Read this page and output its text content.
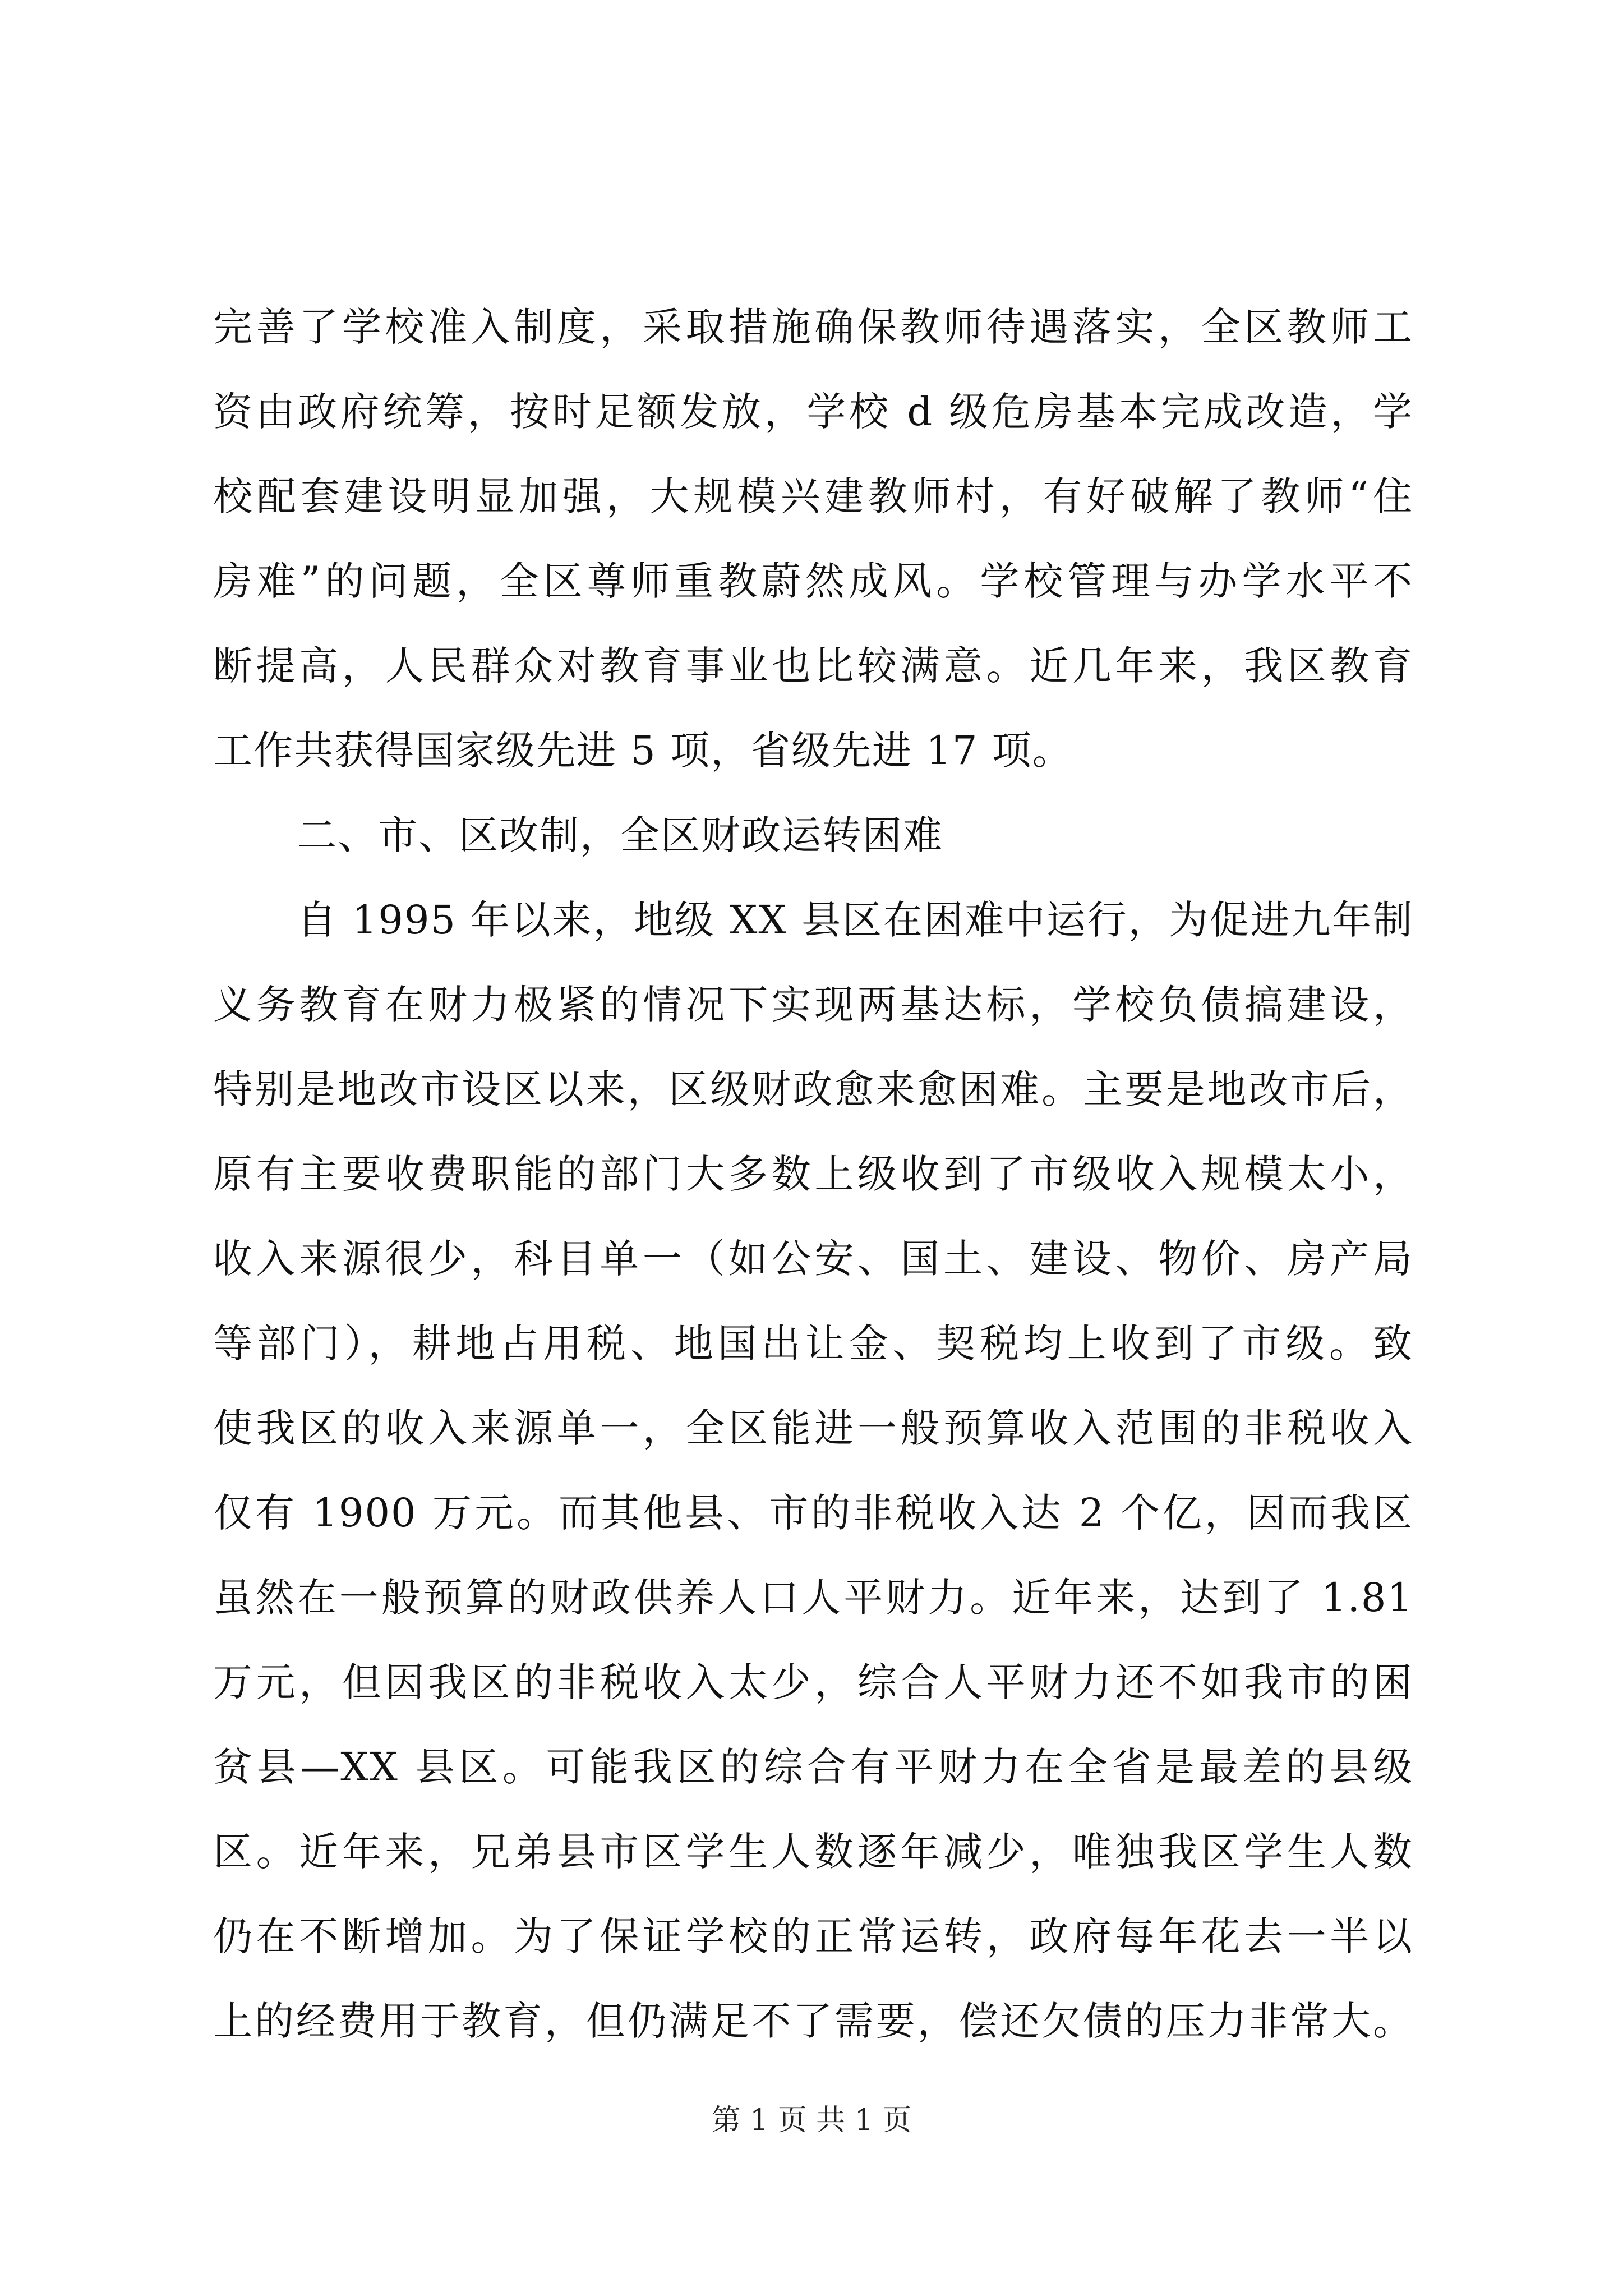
完善了学校准入制度，采取措施确保教师待遇落实，全区教师工
资由政府统筹，按时足额发放，学校 d 级危房基本完成改造，学
校配套建设明显加强，大规模兴建教师村，有好破解了教师“住
房难”的问题，全区尊师重教蔚然成风。学校管理与办学水平不
断提高，人民群众对教育事业也比较满意。近几年来，我区教育
工作共获得国家级先进 5 项，省级先进 17 项。
二、市、区改制，全区财政运转困难
自 1995 年以来，地级 XX 县区在困难中运行，为促进九年制
义务教育在财力极紧的情况下实现两基达标，学校负债搞建设，
特别是地改市设区以来，区级财政愈来愈困难。主要是地改市后，
原有主要收费职能的部门大多数上级收到了市级收入规模太小，
收入来源很少，科目单一（如公安、国土、建设、物价、房产局
等部门），耕地占用税、地国出让金、契税均上收到了市级。致
使我区的收入来源单一，全区能进一般预算收入范围的非税收入
仅有 1900 万元。而其他县、市的非税收入达 2 个亿，因而我区
虽然在一般预算的财政供养人口人平财力。近年来，达到了 1.81
万元，但因我区的非税收入太少，综合人平财力还不如我市的困
贫县—XX 县区。可能我区的综合有平财力在全省是最差的县级
区。近年来，兄弟县市区学生人数逐年减少，唯独我区学生人数
仍在不断增加。为了保证学校的正常运转，政府每年花去一半以
上的经费用于教育，但仍满足不了需要，偿还欠债的压力非常大。
第 1 页 共 1 页
